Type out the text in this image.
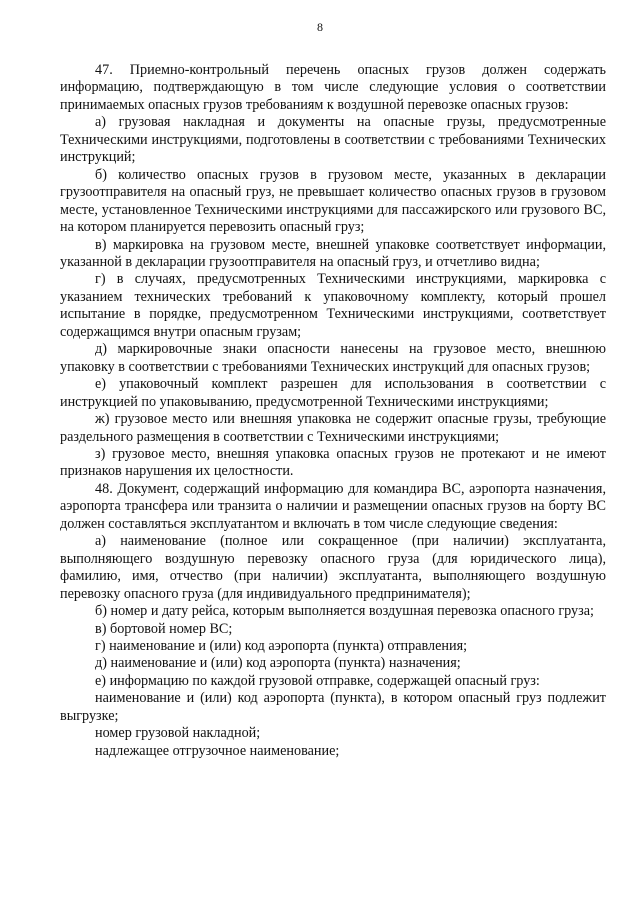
8

47. Приемно-контрольный перечень опасных грузов должен содержать информацию, подтверждающую в том числе следующие условия о соответствии принимаемых опасных грузов требованиям к воздушной перевозке опасных грузов:

а) грузовая накладная и документы на опасные грузы, предусмотренные Техническими инструкциями, подготовлены в соответствии с требованиями Технических инструкций;

б) количество опасных грузов в грузовом месте, указанных в декларации грузоотправителя на опасный груз, не превышает количество опасных грузов в грузовом месте, установленное Техническими инструкциями для пассажирского или грузового ВС, на котором планируется перевозить опасный груз;

в) маркировка на грузовом месте, внешней упаковке соответствует информации, указанной в декларации грузоотправителя на опасный груз, и отчетливо видна;

г) в случаях, предусмотренных Техническими инструкциями, маркировка с указанием технических требований к упаковочному комплекту, который прошел испытание в порядке, предусмотренном Техническими инструкциями, соответствует содержащимся внутри опасным грузам;

д) маркировочные знаки опасности нанесены на грузовое место, внешнюю упаковку в соответствии с требованиями Технических инструкций для опасных грузов;

е) упаковочный комплект разрешен для использования в соответствии с инструкцией по упаковыванию, предусмотренной Техническими инструкциями;

ж) грузовое место или внешняя упаковка не содержит опасные грузы, требующие раздельного размещения в соответствии с Техническими инструкциями;

з) грузовое место, внешняя упаковка опасных грузов не протекают и не имеют признаков нарушения их целостности.

48. Документ, содержащий информацию для командира ВС, аэропорта назначения, аэропорта трансфера или транзита о наличии и размещении опасных грузов на борту ВС должен составляться эксплуатантом и включать в том числе следующие сведения:

а) наименование (полное или сокращенное (при наличии) эксплуатанта, выполняющего воздушную перевозку опасного груза (для юридического лица), фамилию, имя, отчество (при наличии) эксплуатанта, выполняющего воздушную перевозку опасного груза (для индивидуального предпринимателя);

б) номер и дату рейса, которым выполняется воздушная перевозка опасного груза;

в) бортовой номер ВС;

г) наименование и (или) код аэропорта (пункта) отправления;

д) наименование и (или) код аэропорта (пункта) назначения;

е) информацию по каждой грузовой отправке, содержащей опасный груз:

наименование и (или) код аэропорта (пункта), в котором опасный груз подлежит выгрузке;

номер грузовой накладной;

надлежащее отгрузочное наименование;
